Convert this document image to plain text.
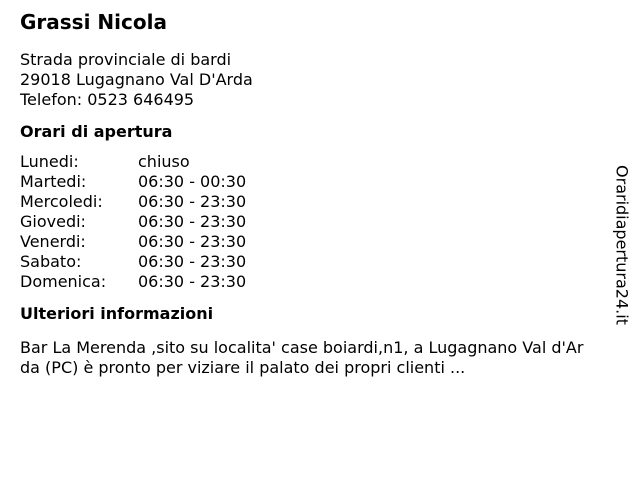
Grassi Nicola
Strada provinciale di bardi
29018 Lugagnano Val D'Arda
Telefon: 0523 646495
Orari di apertura
Lunedi:	chiuso
Martedi:	06:30 - 00:30
Mercoledi:	06:30 - 23:30
Giovedi:	06:30 - 23:30
Venerdi:	06:30 - 23:30
Sabato:	06:30 - 23:30
Domenica:	06:30 - 23:30
Ulteriori informazioni
Bar La Merenda ,sito su localita' case boiardi,n1, a Lugagnano Val d'Arda (PC) è pronto per viziare il palato dei propri clienti ...
Oraridiapertura24.it
